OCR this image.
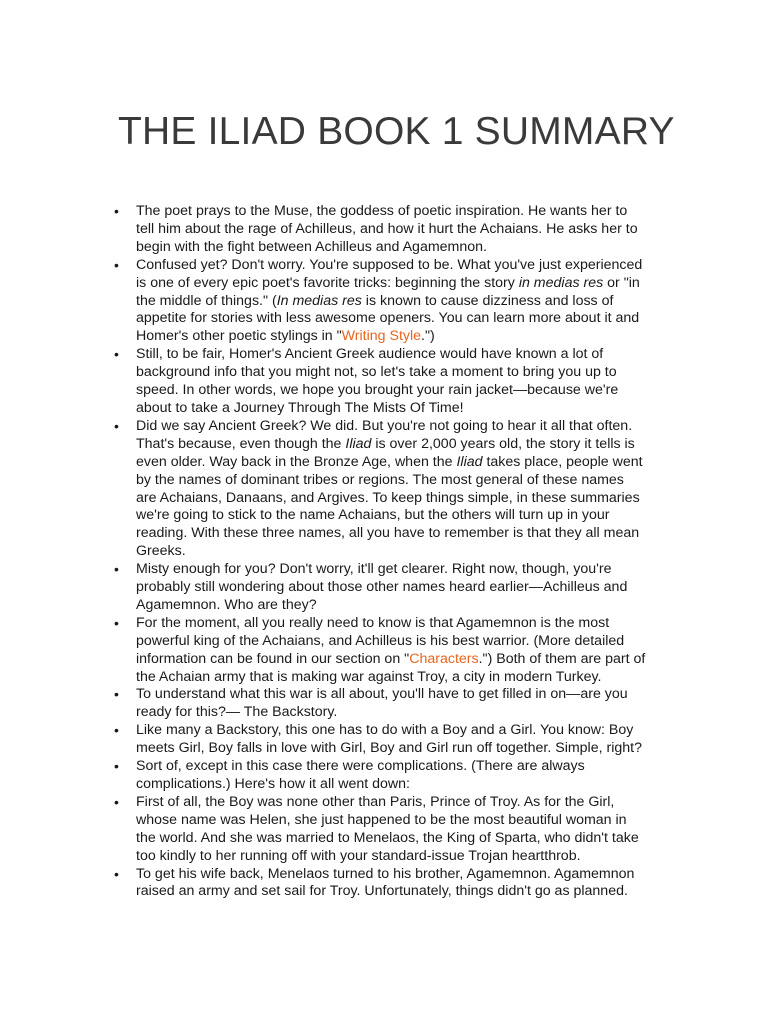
THE ILIAD BOOK 1 SUMMARY
• The poet prays to the Muse, the goddess of poetic inspiration. He wants her to
tell him about the rage of Achilleus, and how it hurt the Achaians. He asks her to
begin with the fight between Achilleus and Agamemnon.
• Confused yet? Don't worry. You're supposed to be. What you've just experienced
is one of every epic poet's favorite tricks: beginning the story in medias res or "in
the middle of things." (In medias res is known to cause dizziness and loss of
appetite for stories with less awesome openers. You can learn more about it and
Homer's other poetic stylings in "Writing Style.")
• Still, to be fair, Homer's Ancient Greek audience would have known a lot of
background info that you might not, so let's take a moment to bring you up to
speed. In other words, we hope you brought your rain jacket—because we're
about to take a Journey Through The Mists Of Time!
• Did we say Ancient Greek? We did. But you're not going to hear it all that often.
That's because, even though the Iliad is over 2,000 years old, the story it tells is
even older. Way back in the Bronze Age, when the Iliad takes place, people went
by the names of dominant tribes or regions. The most general of these names
are Achaians, Danaans, and Argives. To keep things simple, in these summaries
we're going to stick to the name Achaians, but the others will turn up in your
reading. With these three names, all you have to remember is that they all mean
Greeks.
• Misty enough for you? Don't worry, it'll get clearer. Right now, though, you're
probably still wondering about those other names heard earlier—Achilleus and
Agamemnon. Who are they?
• For the moment, all you really need to know is that Agamemnon is the most
powerful king of the Achaians, and Achilleus is his best warrior. (More detailed
information can be found in our section on "Characters.") Both of them are part of
the Achaian army that is making war against Troy, a city in modern Turkey.
• To understand what this war is all about, you'll have to get filled in on—are you
ready for this?— The Backstory.
• Like many a Backstory, this one has to do with a Boy and a Girl. You know: Boy
meets Girl, Boy falls in love with Girl, Boy and Girl run off together. Simple, right?
• Sort of, except in this case there were complications. (There are always
complications.) Here's how it all went down:
• First of all, the Boy was none other than Paris, Prince of Troy. As for the Girl,
whose name was Helen, she just happened to be the most beautiful woman in
the world. And she was married to Menelaos, the King of Sparta, who didn't take
too kindly to her running off with your standard-issue Trojan heartthrob.
• To get his wife back, Menelaos turned to his brother, Agamemnon. Agamemnon
raised an army and set sail for Troy. Unfortunately, things didn't go as planned.
